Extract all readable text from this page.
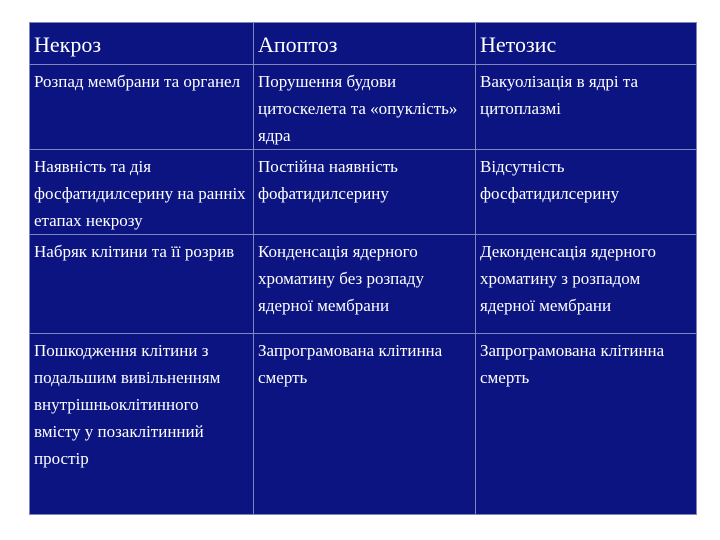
Некроз	Апоптоз	Нетозис
Розпад мембрани та органел	Порушення будови цитоскелета та «опуклість» ядра	Вакуолізація в ядрі та цитоплазмі
Наявність та дія фосфатидилсерину на ранніх етапах некрозу	Постійна наявність фофатидилсерину	Відсутність фосфатидилсерину
Набряк клітини та її розрив	Конденсація ядерного хроматину без розпаду ядерної мембрани	Деконденсація ядерного хроматину з розпадом ядерної мембрани
Пошкодження клітини з подальшим вивільненням внутрішньоклітинного вмісту у позаклітинний простір	Запрограмована клітинна смерть	Запрограмована клітинна смерть
